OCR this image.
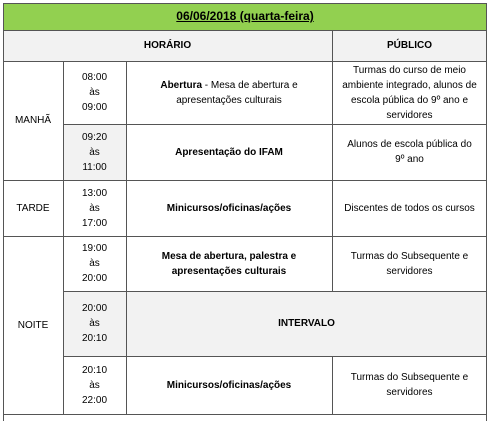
06/06/2018 (quarta-feira)
HORÁRIO	PÚBLICO
MANHÃ
TARDE
NOITE
08:00
às
09:00
Abertura - Mesa de abertura e apresentações culturais
Turmas do curso de meio ambiente integrado, alunos de escola pública do 9º ano e servidores
09:20
às
11:00
Apresentação do IFAM
Alunos de escola pública do 9º ano
13:00
às
17:00
Minicursos/oficinas/ações	Discentes de todos os cursos
19:00
às
20:00
Mesa de abertura, palestra e apresentações culturais
Turmas do Subsequente e servidores
20:00
às
20:10
INTERVALO
20:10
às
22:00
Minicursos/oficinas/ações
Turmas do Subsequente e servidores
